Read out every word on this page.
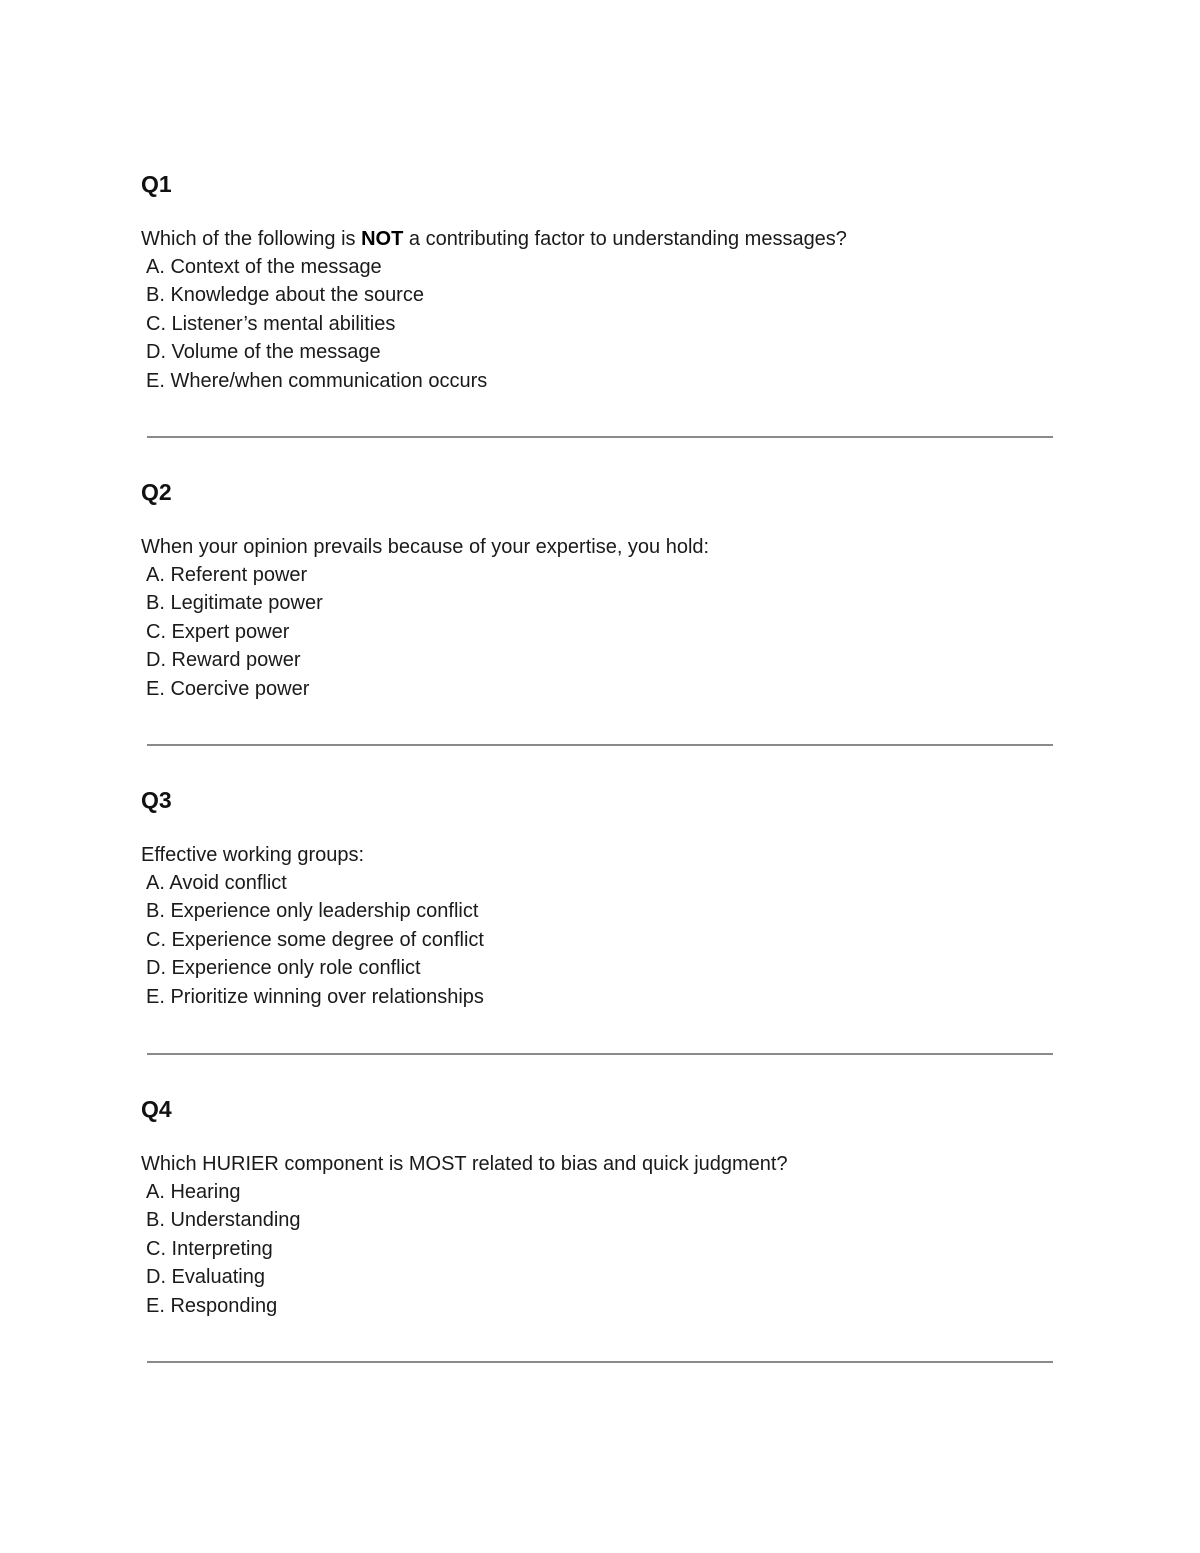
Q1
Which of the following is NOT a contributing factor to understanding messages?
A. Context of the message
B. Knowledge about the source
C. Listener’s mental abilities
D. Volume of the message
E. Where/when communication occurs
Q2
When your opinion prevails because of your expertise, you hold:
A. Referent power
B. Legitimate power
C. Expert power
D. Reward power
E. Coercive power
Q3
Effective working groups:
A. Avoid conflict
B. Experience only leadership conflict
C. Experience some degree of conflict
D. Experience only role conflict
E. Prioritize winning over relationships
Q4
Which HURIER component is MOST related to bias and quick judgment?
A. Hearing
B. Understanding
C. Interpreting
D. Evaluating
E. Responding
